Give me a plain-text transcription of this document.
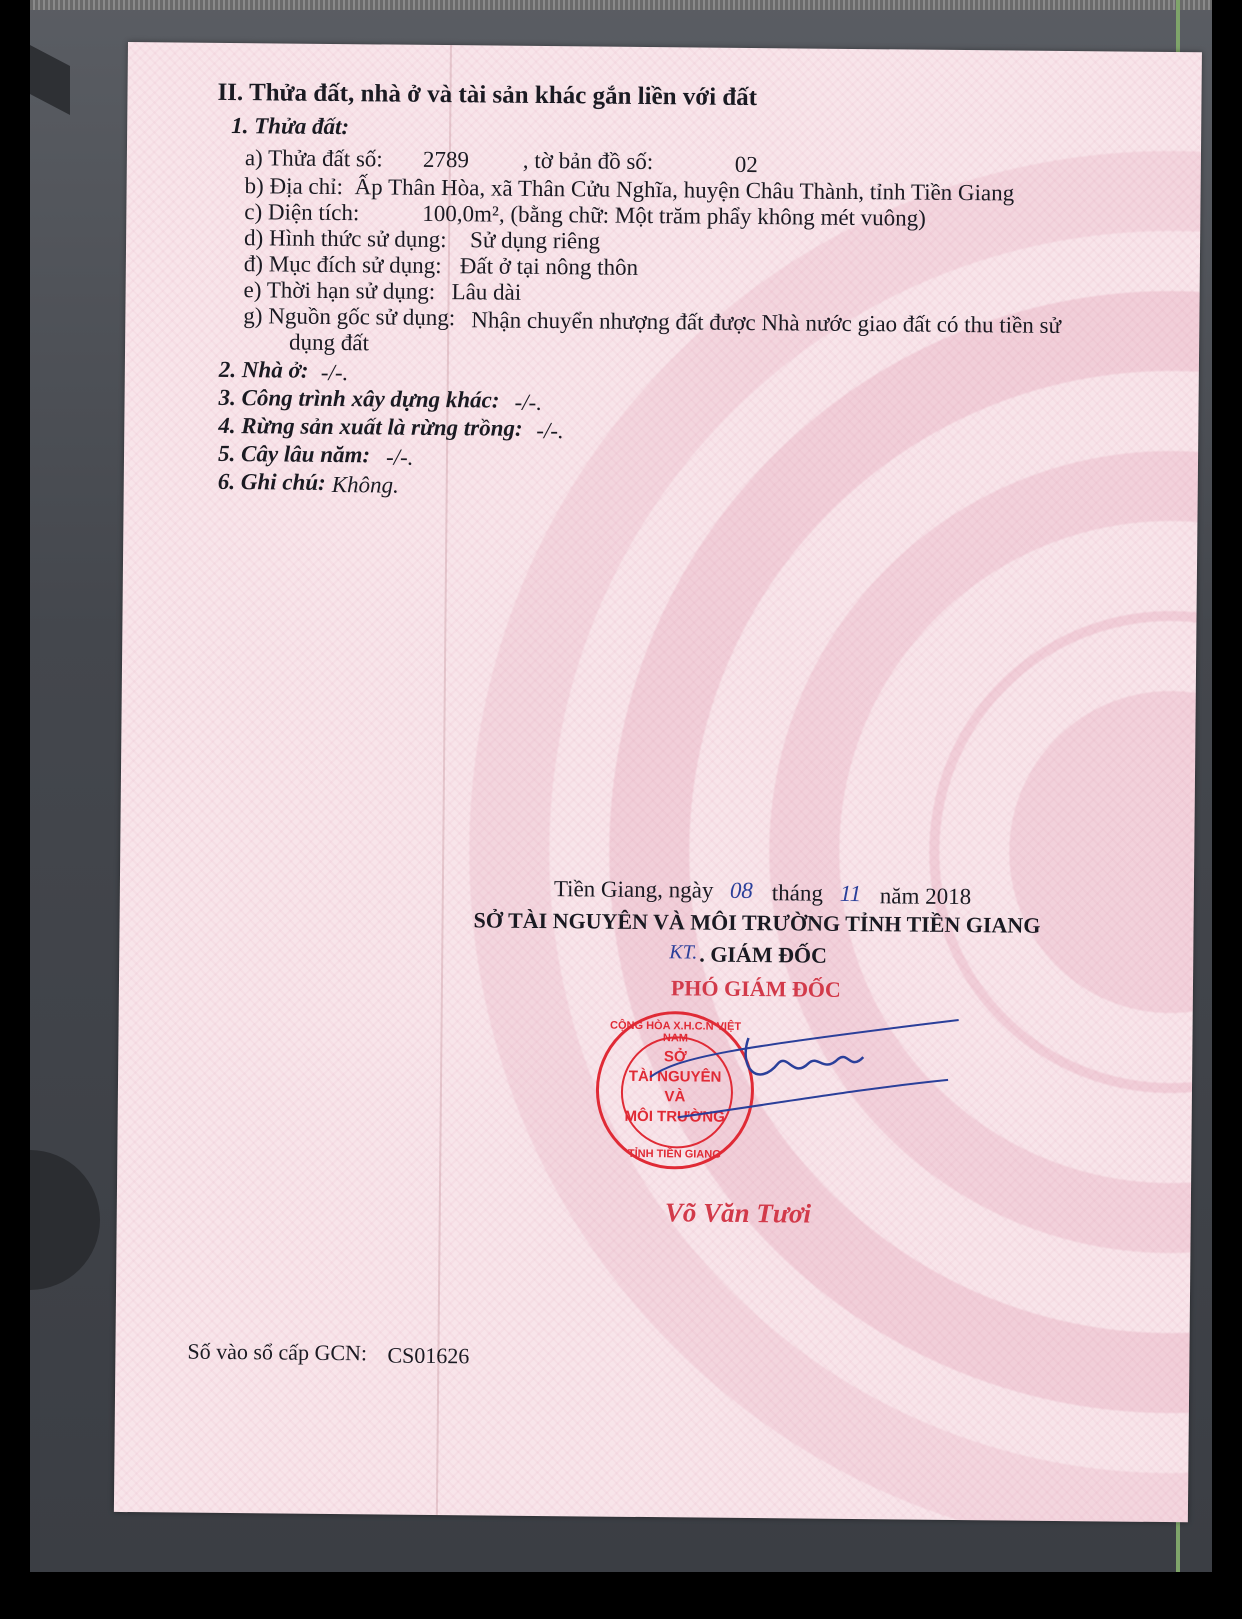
II. Thửa đất, nhà ở và tài sản khác gắn liền với đất
1. Thửa đất:
a) Thửa đất số: 2789 , tờ bản đồ số:	02
b) Địa chỉ: Ấp Thân Hòa, xã Thân Cửu Nghĩa, huyện Châu Thành, tỉnh Tiền Giang
c) Diện tích:	100,0m², (bằng chữ: Một trăm phẩy không mét vuông)
d) Hình thức sử dụng: Sử dụng riêng
đ) Mục đích sử dụng: Đất ở tại nông thôn
e) Thời hạn sử dụng: Lâu dài
g) Nguồn gốc sử dụng: Nhận chuyển nhượng đất được Nhà nước giao đất có thu tiền sử
dụng đất
2. Nhà ở: -/-.
3. Công trình xây dựng khác: -/-.
4. Rừng sản xuất là rừng trồng: -/-.
5. Cây lâu năm: -/-.
6. Ghi chú: Không.
Tiền Giang, ngày 08 tháng 11 năm 2018
SỞ TÀI NGUYÊN VÀ MÔI TRƯỜNG TỈNH TIỀN GIANG
KT. . GIÁM ĐỐC
PHÓ GIÁM ĐỐC
CỘNG HÒA X.H.C.N VIỆT NAM
SỞ
TÀI NGUYÊN
VÀ
MÔI TRƯỜNG
TỈNH TIỀN GIANG
Võ Văn Tươi
Số vào sổ cấp GCN: CS01626
